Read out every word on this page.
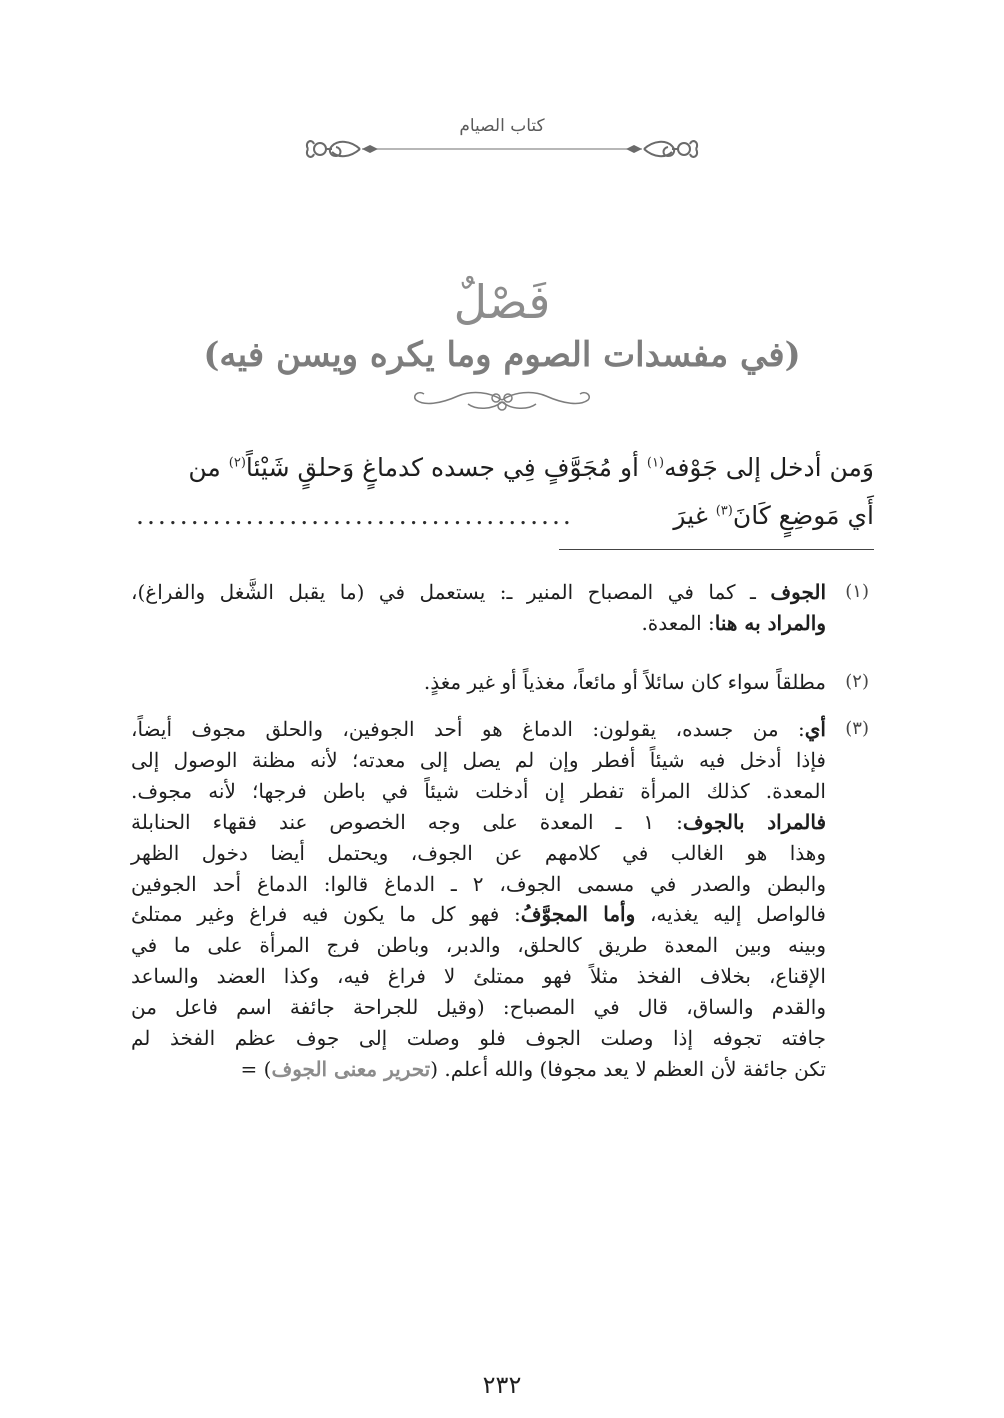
كتاب الصيام
فَصْلٌ
(في مفسدات الصوم وما يكره ويسن فيه)
وَمن أدخل إلى جَوْفه$^{(١)}$ أو مُجَوَّفٍ فِي جسده كدماغٍ وَحلقٍ شَيْئاً$^{(٢)}$ من
أَي مَوضِعٍ كَانَ$^{(٣)}$ غيرَ
........................................
(١)
الجوف ـ كما في المصباح المنير ـ: يستعمل في (ما يقبل الشَّغل والفراغ)،
والمراد به هنا: المعدة.
(٢)
مطلقاً سواء كان سائلاً أو مائعاً، مغذياً أو غير مغذٍ.
(٣)
أي: من جسده، يقولون: الدماغ هو أحد الجوفين، والحلق مجوف أيضاً،
فإذا أدخل فيه شيئاً أفطر وإن لم يصل إلى معدته؛ لأنه مظنة الوصول إلى
المعدة. كذلك المرأة تفطر إن أدخلت شيئاً في باطن فرجها؛ لأنه مجوف.
فالمراد بالجوف: ١ ـ المعدة على وجه الخصوص عند فقهاء الحنابلة
وهذا هو الغالب في كلامهم عن الجوف، ويحتمل أيضا دخول الظهر
والبطن والصدر في مسمى الجوف، ٢ ـ الدماغ قالوا: الدماغ أحد الجوفين
فالواصل إليه يغذيه، وأما المجوَّفُ: فهو كل ما يكون فيه فراغ وغير ممتلئ
وبينه وبين المعدة طريق كالحلق، والدبر، وباطن فرج المرأة على ما في
الإقناع، بخلاف الفخذ مثلاً فهو ممتلئ لا فراغ فيه، وكذا العضد والساعد
والقدم والساق، قال في المصباح: (وقيل للجراحة جائفة اسم فاعل من
جافته تجوفه إذا وصلت الجوف فلو وصلت إلى جوف عظم الفخذ لم
تكن جائفة لأن العظم لا يعد مجوفا) والله أعلم. (تحرير معنى الجوف) =
٢٣٢
